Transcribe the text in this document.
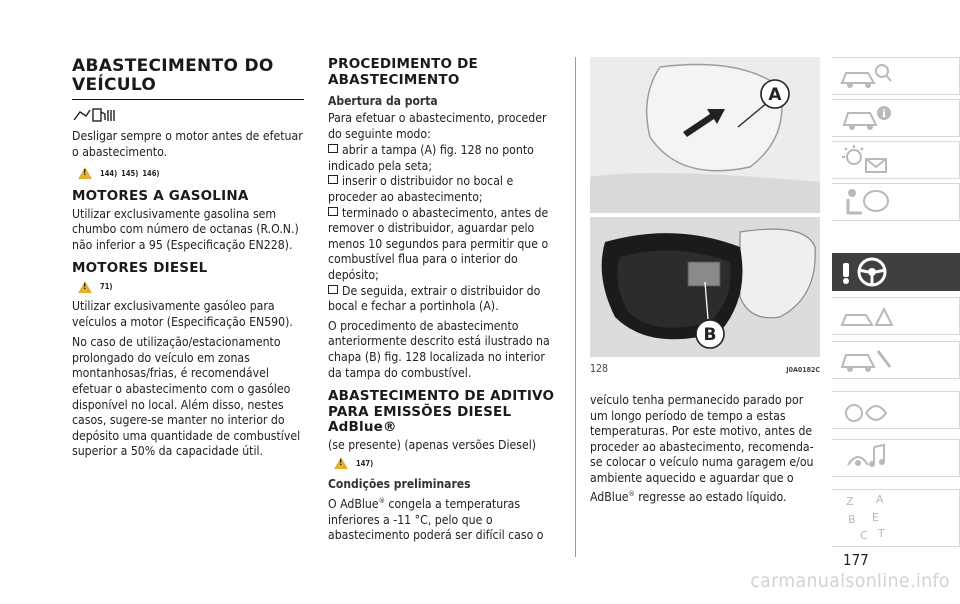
ABASTECIMENTO DO VEÍCULO

Desligar sempre o motor antes de efetuar o abastecimento.

!
144) 145) 146)
MOTORES A GASOLINA

Utilizar exclusivamente gasolina sem chumbo com número de octanas (R.O.N.) não inferior a 95 (Especificação EN228).

MOTORES DIESEL
!
71)

Utilizar exclusivamente gasóleo para veículos a motor (Especificação EN590).

No caso de utilização/estacionamento prolongado do veículo em zonas montanhosas/frias, é recomendável efetuar o abastecimento com o gasóleo disponível no local. Além disso, nestes casos, sugere-se manter no interior do depósito uma quantidade de combustível superior a 50% da capacidade útil.

PROCEDIMENTO DE ABASTECIMENTO
Abertura da porta

Para efetuar o abastecimento, proceder do seguinte modo:

abrir a tampa (A) fig. 128 no ponto indicado pela seta;
inserir o distribuidor no bocal e proceder ao abastecimento;
terminado o abastecimento, antes de remover o distribuidor, aguardar pelo menos 10 segundos para permitir que o combustível flua para o interior do depósito;
De seguida, extrair o distribuidor do bocal e fechar a portinhola (A).

O procedimento de abastecimento anteriormente descrito está ilustrado na chapa (B) fig. 128 localizada no interior da tampa do combustível.

ABASTECIMENTO DE ADITIVO PARA EMISSÕES DIESEL
AdBlue®

(se presente) (apenas versões Diesel)

!
147)
Condições preliminares

O AdBlue® congela a temperaturas inferiores a -11 °C, pelo que o abastecimento poderá ser difícil caso o

A
B
128	J0A0182C

veículo tenha permanecido parado por um longo período de tempo a estas temperaturas. Por este motivo, antes de proceder ao abastecimento, recomenda-se colocar o veículo numa garagem e/ou ambiente aquecido e aguardar que o AdBlue® regresse ao estado líquido.

i
Z A
B E
C T
177
carmanualsonline.info
